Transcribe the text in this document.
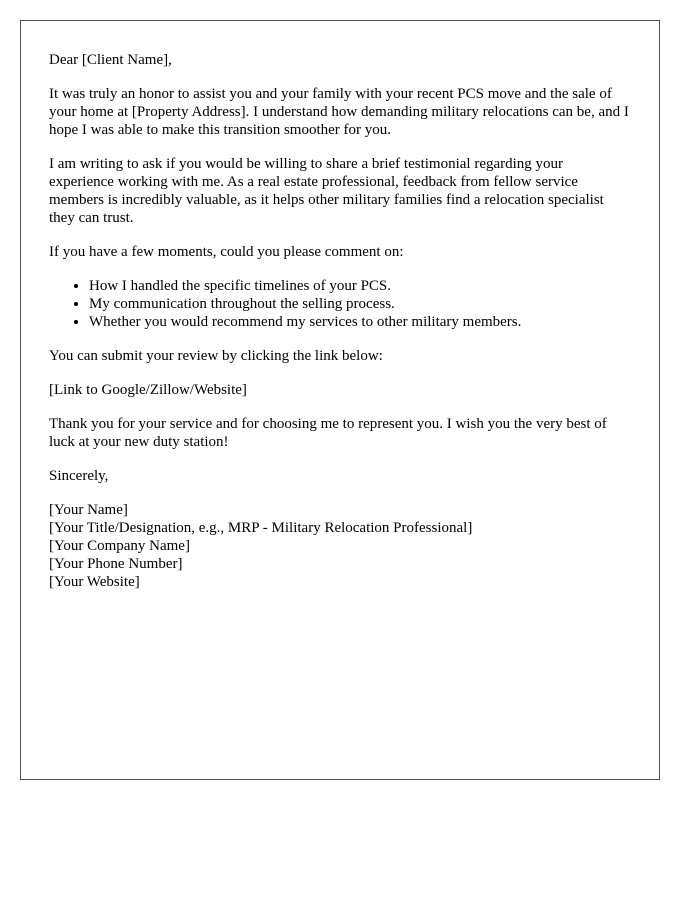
Dear [Client Name],

It was truly an honor to assist you and your family with your recent PCS move and the sale of your home at [Property Address]. I understand how demanding military relocations can be, and I hope I was able to make this transition smoother for you.

I am writing to ask if you would be willing to share a brief testimonial regarding your experience working with me. As a real estate professional, feedback from fellow service members is incredibly valuable, as it helps other military families find a relocation specialist they can trust.

If you have a few moments, could you please comment on:

• How I handled the specific timelines of your PCS.
• My communication throughout the selling process.
• Whether you would recommend my services to other military members.

You can submit your review by clicking the link below:

[Link to Google/Zillow/Website]

Thank you for your service and for choosing me to represent you. I wish you the very best of luck at your new duty station!

Sincerely,

[Your Name]
[Your Title/Designation, e.g., MRP - Military Relocation Professional]
[Your Company Name]
[Your Phone Number]
[Your Website]
